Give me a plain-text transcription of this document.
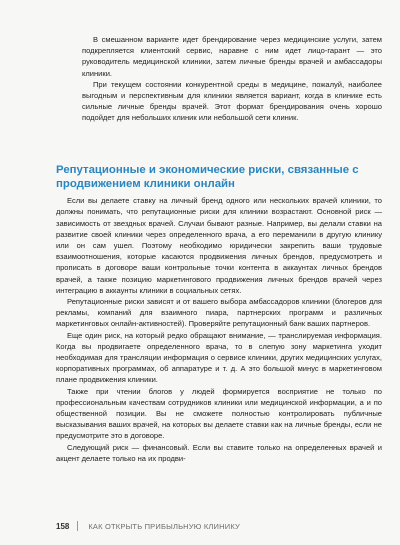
В смешанном варианте идет брендирование через медицинские услуги, затем подкрепляется клиентский сервис, наравне с ним идет лицо-гарант — это руководитель медицинской клиники, затем личные бренды врачей и амбассадоры клиники.

При текущем состоянии конкурентной среды в медицине, пожалуй, наиболее выгодным и перспективным для клиники является вариант, когда в клинике есть сильные личные бренды врачей. Этот формат брендирования очень хорошо подойдет для небольших клиник или небольшой сети клиник.

Репутационные и экономические риски, связанные с продвижением клиники онлайн

Если вы делаете ставку на личный бренд одного или нескольких врачей клиники, то должны понимать, что репутационные риски для клиники возрастают. Основной риск — зависимость от звездных врачей. Случаи бывают разные. Например, вы делали ставки на развитие своей клиники через определенного врача, а его переманили в другую клинику или он сам ушел. Поэтому необходимо юридически закрепить ваши трудовые взаимоотношения, которые касаются продвижения личных брендов, предусмотреть и прописать в договоре ваши контрольные точки контента в аккаунтах личных брендов врачей, а также позицию маркетингового продвижения личных брендов врачей через интеграцию в аккаунты клиники в социальных сетях.

Репутационные риски зависят и от вашего выбора амбассадоров клиники (блогеров для рекламы, компаний для взаимного пиара, партнерских программ и различных маркетинговых онлайн-активностей). Проверяйте репутационный банк ваших партнеров.

Еще один риск, на который редко обращают внимание, — транслируемая информация. Когда вы продвигаете определенного врача, то в слепую зону маркетинга уходит необходимая для трансляции информация о сервисе клиники, других медицинских услугах, корпоративных программах, об аппаратуре и т. д. А это большой минус в маркетинговом плане продвижения клиники.

Также при чтении блогов у людей формируется восприятие не только по профессиональным качествам сотрудников клиники или медицинской информации, а и по общественной позиции. Вы не сможете полностью контролировать публичные высказывания ваших врачей, на которых вы делаете ставки как на личные бренды, если не предусмотрите это в договоре.

Следующий риск — финансовый. Если вы ставите только на определенных врачей и акцент делаете только на их продви-

158	КАК ОТКРЫТЬ ПРИБЫЛЬНУЮ КЛИНИКУ
